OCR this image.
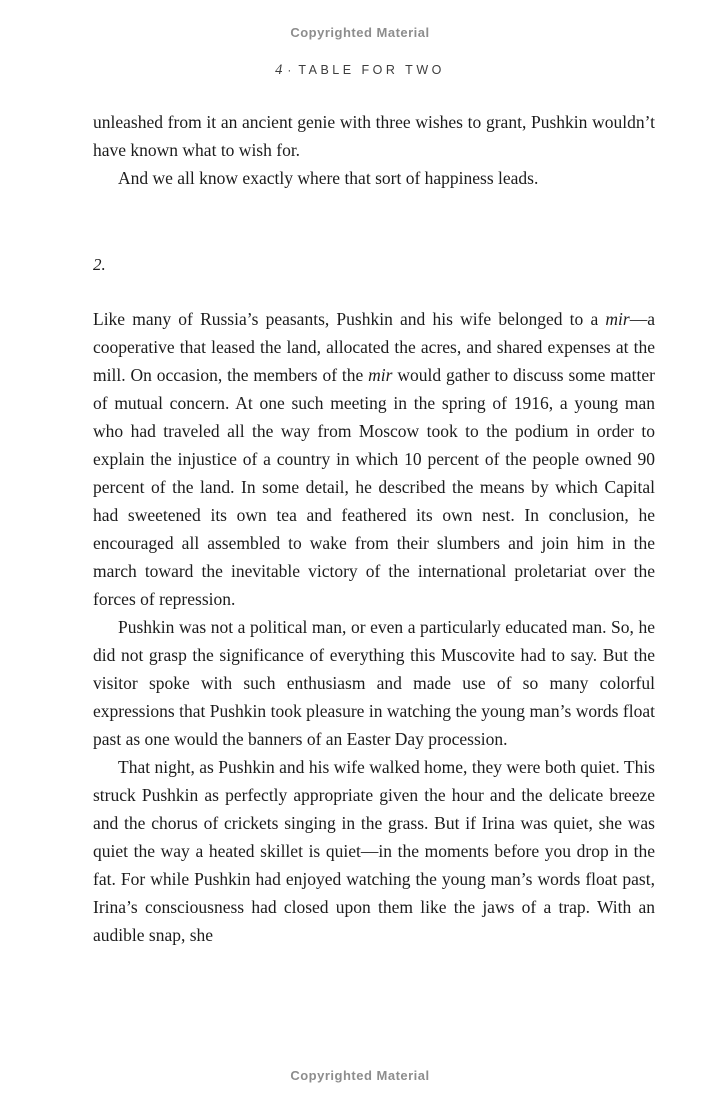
Copyrighted Material
4 · TABLE FOR TWO

unleashed from it an ancient genie with three wishes to grant, Pushkin wouldn’t have known what to wish for.

And we all know exactly where that sort of happiness leads.

2.

Like many of Russia’s peasants, Pushkin and his wife belonged to a mir—a cooperative that leased the land, allocated the acres, and shared expenses at the mill. On occasion, the members of the mir would gather to discuss some matter of mutual concern. At one such meeting in the spring of 1916, a young man who had traveled all the way from Moscow took to the podium in order to explain the injustice of a country in which 10 percent of the people owned 90 percent of the land. In some detail, he described the means by which Capital had sweetened its own tea and feathered its own nest. In conclusion, he encouraged all assembled to wake from their slumbers and join him in the march toward the inevitable victory of the international proletariat over the forces of repression.

Pushkin was not a political man, or even a particularly educated man. So, he did not grasp the significance of everything this Muscovite had to say. But the visitor spoke with such enthusiasm and made use of so many colorful expressions that Pushkin took pleasure in watching the young man’s words float past as one would the banners of an Easter Day procession.

That night, as Pushkin and his wife walked home, they were both quiet. This struck Pushkin as perfectly appropriate given the hour and the delicate breeze and the chorus of crickets singing in the grass. But if Irina was quiet, she was quiet the way a heated skillet is quiet—in the moments before you drop in the fat. For while Pushkin had enjoyed watching the young man’s words float past, Irina’s consciousness had closed upon them like the jaws of a trap. With an audible snap, she

Copyrighted Material
